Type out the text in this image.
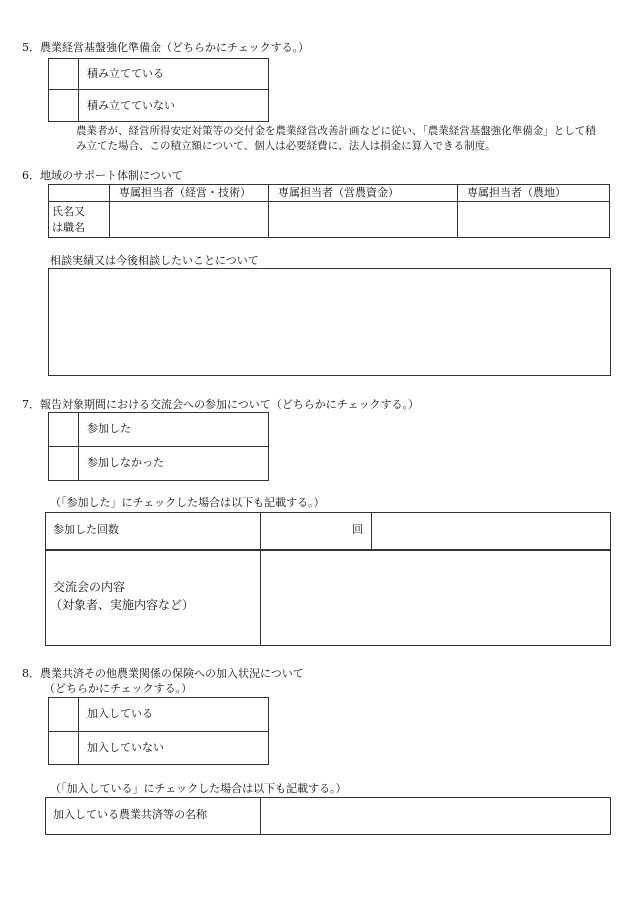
5．農業経営基盤強化準備金（どちらかにチェックする。）
積み立てている
積み立てていない
農業者が、経営所得安定対策等の交付金を農業経営改善計画などに従い、「農業経営基盤強化準備金」として積
み立てた場合、この積立額について、個人は必要経費に、法人は損金に算入できる制度。
6．地域のサポート体制について
専属担当者（経営・技術） 専属担当者（営農資金）	専属担当者（農地）
氏名又
は職名
相談実績又は今後相談したいことについて
7．報告対象期間における交流会への参加について（どちらかにチェックする。）
参加した
参加しなかった
（「参加した」にチェックした場合は以下も記載する。）
参加した回数	回
交流会の内容
（対象者、実施内容など）
8．農業共済その他農業関係の保険への加入状況について
（どちらかにチェックする。）
加入している
加入していない
（「加入している」にチェックした場合は以下も記載する。）
加入している農業共済等の名称
